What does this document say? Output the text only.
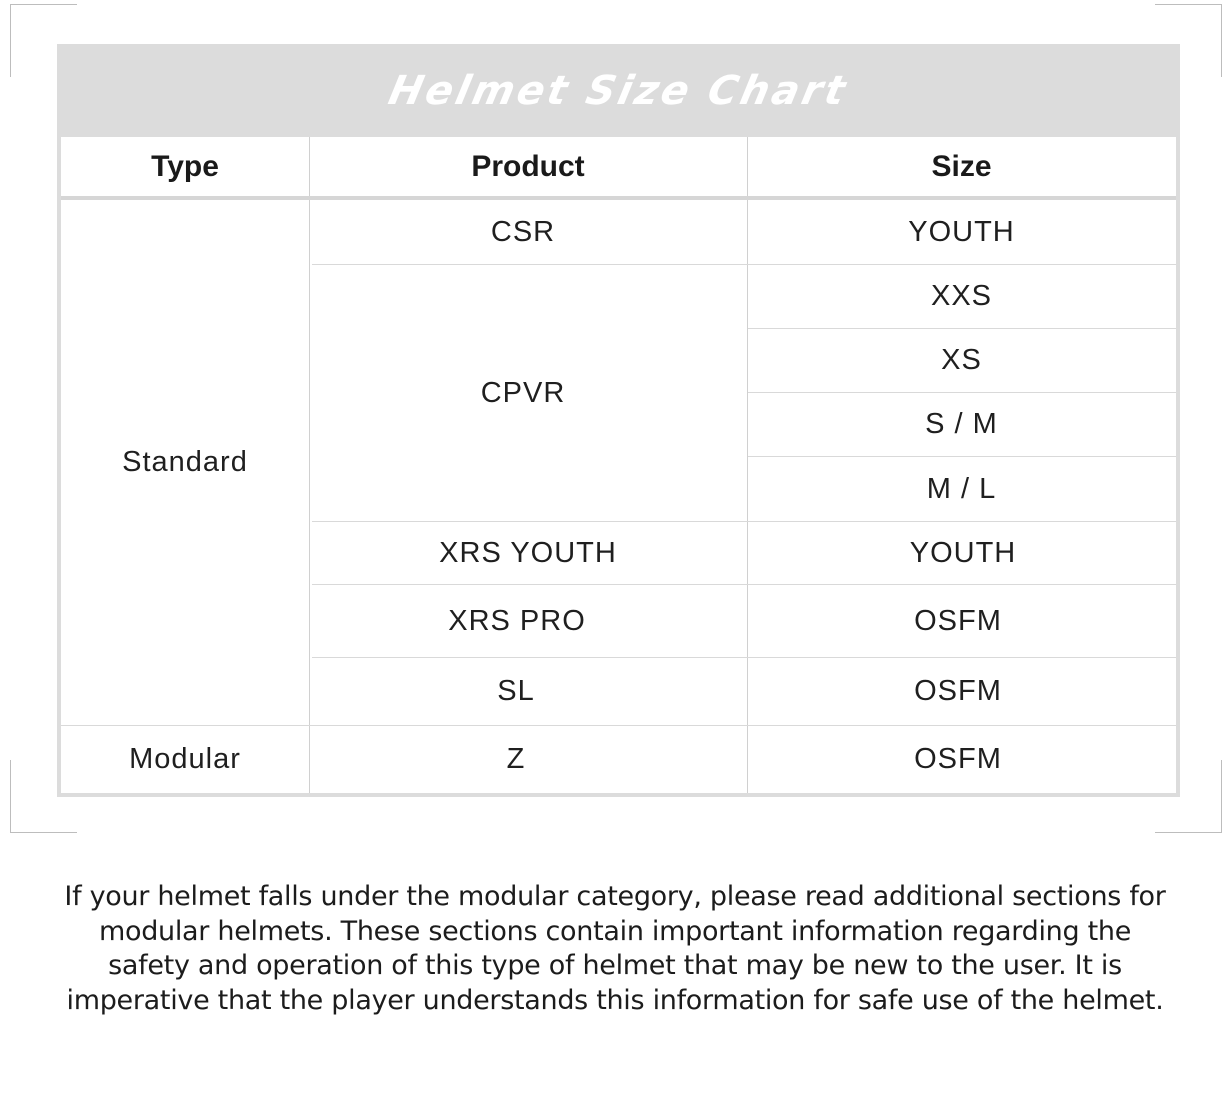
Helmet Size Chart
Type	Product	Size
Standard
Modular
CSR
CPVR
XRS YOUTH
XRS PRO
SL
Z
YOUTH
XXS
XS
S / M
M / L
YOUTH
OSFM
OSFM
OSFM
If your helmet falls under the modular category, please read additional sections for modular helmets. These sections contain important information regarding the safety and operation of this type of helmet that may be new to the user. It is imperative that the player understands this information for safe use of the helmet.
